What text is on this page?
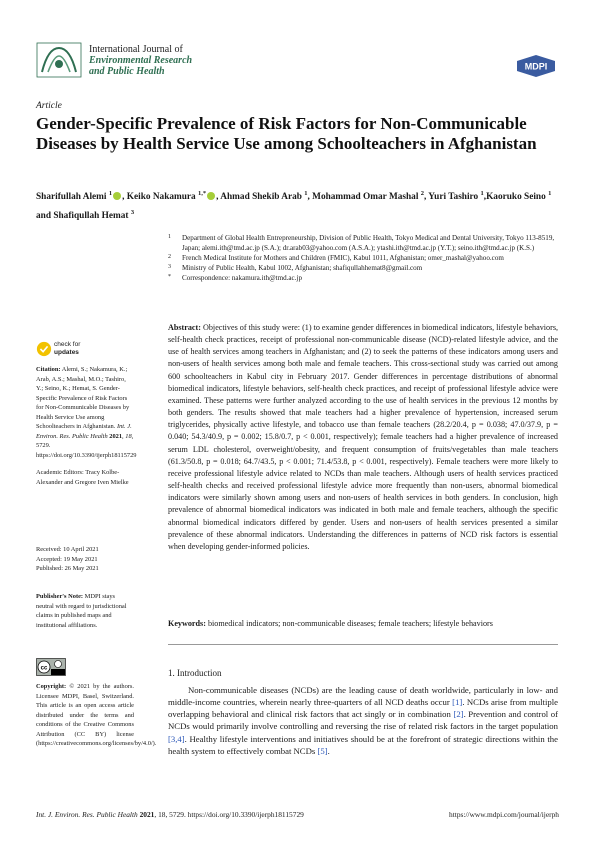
International Journal of
Environmental Research
and Public Health	MDPI
Article
Gender-Specific Prevalence of Risk Factors for Non-Communicable Diseases by Health Service Use among Schoolteachers in Afghanistan
Sharifullah Alemi $^1$ , Keiko Nakamura $^{1,*}$ , Ahmad Shekib Arab $^1$, Mohammad Omar Mashal $^2$, Yuri Tashiro $^1$,Kaoruko Seino $^1$ and Shafiqullah Hemat $^3$
1 Department of Global Health Entrepreneurship, Division of Public Health, Tokyo Medical and Dental University, Tokyo 113-8519, Japan; alemi.ith@tmd.ac.jp (S.A.); dr.arab03@yahoo.com (A.S.A.); ytashi.ith@tmd.ac.jp (Y.T.); seino.ith@tmd.ac.jp (K.S.)
2 French Medical Institute for Mothers and Children (FMIC), Kabul 1011, Afghanistan; omer_mashal@yahoo.com
3 Ministry of Public Health, Kabul 1002, Afghanistan; shafiqullahhemat8@gmail.com
* Correspondence: nakamura.ith@tmd.ac.jp
check for
updates
Citation: Alemi, S.; Nakamura, K.; Arab, A.S.; Mashal, M.O.; Tashiro, Y.; Seino, K.; Hemat, S. Gender-Specific Prevalence of Risk Factors for Non-Communicable Diseases by Health Service Use among Schoolteachers in Afghanistan. Int. J. Environ. Res. Public Health 2021, 18, 5729. https://doi.org/10.3390/ijerph18115729
Academic Editors: Tracy Kolbe-Alexander and Gregore Iven Mielke
Received: 10 April 2021
Accepted: 19 May 2021
Published: 26 May 2021
Publisher's Note: MDPI stays neutral with regard to jurisdictional claims in published maps and institutional affiliations.
cc
Copyright: © 2021 by the authors. Licensee MDPI, Basel, Switzerland. This article is an open access article distributed under the terms and conditions of the Creative Commons Attribution (CC BY) license (https://creativecommons.org/licenses/by/4.0/).
Abstract: Objectives of this study were: (1) to examine gender differences in biomedical indicators, lifestyle behaviors, self-health check practices, receipt of professional non-communicable disease (NCD)-related lifestyle advice, and the use of health services among teachers in Afghanistan; and (2) to seek the patterns of these indicators among users and non-users of health services among both male and female teachers. This cross-sectional study was carried out among 600 schoolteachers in Kabul city in February 2017. Gender differences in percentage distributions of abnormal biomedical indicators, lifestyle behaviors, self-health check practices, and receipt of professional lifestyle advice were examined. These patterns were further analyzed according to the use of health services in the previous 12 months by both genders. The results showed that male teachers had a higher prevalence of hypertension, increased serum triglycerides, physically active lifestyle, and tobacco use than female teachers (28.2/20.4, p = 0.038; 47.0/37.9, p = 0.040; 54.3/40.9, p = 0.002; 15.8/0.7, p < 0.001, respectively); female teachers had a higher prevalence of increased serum LDL cholesterol, overweight/obesity, and frequent consumption of fruits/vegetables than male teachers (61.3/50.8, p = 0.018; 64.7/43.5, p < 0.001; 71.4/53.8, p < 0.001, respectively). Female teachers were more likely to receive professional lifestyle advice related to NCDs than male teachers. Although users of health services practiced self-health checks and received professional lifestyle advice more frequently than non-users, abnormal biomedical indicators were similarly shown among users and non-users of health services in both genders. In conclusion, high prevalence of abnormal biomedical indicators was indicated in both male and female teachers, although the specific abnormal biomedical indicators differed by gender. Users and non-users of health services presented a similar prevalence of these abnormal indicators. Understanding the differences in patterns of NCD risk factors is essential when developing gender-informed policies.
Keywords: biomedical indicators; non-communicable diseases; female teachers; lifestyle behaviors
1. Introduction
Non-communicable diseases (NCDs) are the leading cause of death worldwide, particularly in low- and middle-income countries, wherein nearly three-quarters of all NCD deaths occur [1]. NCDs arise from multiple overlapping behavioral and clinical risk factors that act singly or in combination [2]. Prevention and control of NCDs would primarily involve controlling and reversing the rise of related risk factors in the target population [3,4]. Healthy lifestyle interventions and initiatives should be at the forefront of strategic directions within the health system to effectively combat NCDs [5].
Int. J. Environ. Res. Public Health 2021, 18, 5729. https://doi.org/10.3390/ijerph18115729	https://www.mdpi.com/journal/ijerph
